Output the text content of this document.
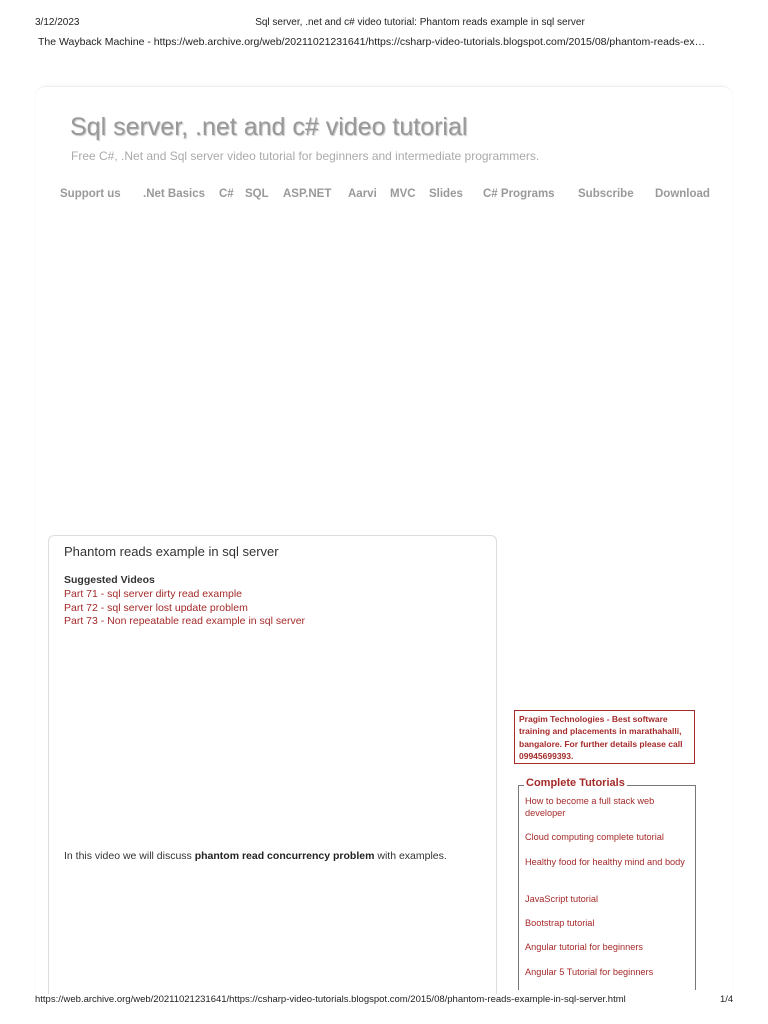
3/12/2023	Sql server, .net and c# video tutorial: Phantom reads example in sql server
The Wayback Machine - https://web.archive.org/web/20211021231641/https://csharp-video-tutorials.blogspot.com/2015/08/phantom-reads-ex…
Sql server, .net and c# video tutorial
Free C#, .Net and Sql server video tutorial for beginners and intermediate programmers.
Support us .Net Basics C# SQL ASP.NET Aarvi MVC Slides C# Programs Subscribe Download
Phantom reads example in sql server
Suggested Videos
Part 71 - sql server dirty read example
Part 72 - sql server lost update problem
Part 73 - Non repeatable read example in sql server
In this video we will discuss phantom read concurrency problem with examples.
Pragim Technologies - Best software training and placements in marathahalli, bangalore. For further details please call 09945699393.
Complete Tutorials
How to become a full stack web developer
Cloud computing complete tutorial
Healthy food for healthy mind and body
JavaScript tutorial
Bootstrap tutorial
Angular tutorial for beginners
Angular 5 Tutorial for beginners
https://web.archive.org/web/20211021231641/https://csharp-video-tutorials.blogspot.com/2015/08/phantom-reads-example-in-sql-server.html	1/4
